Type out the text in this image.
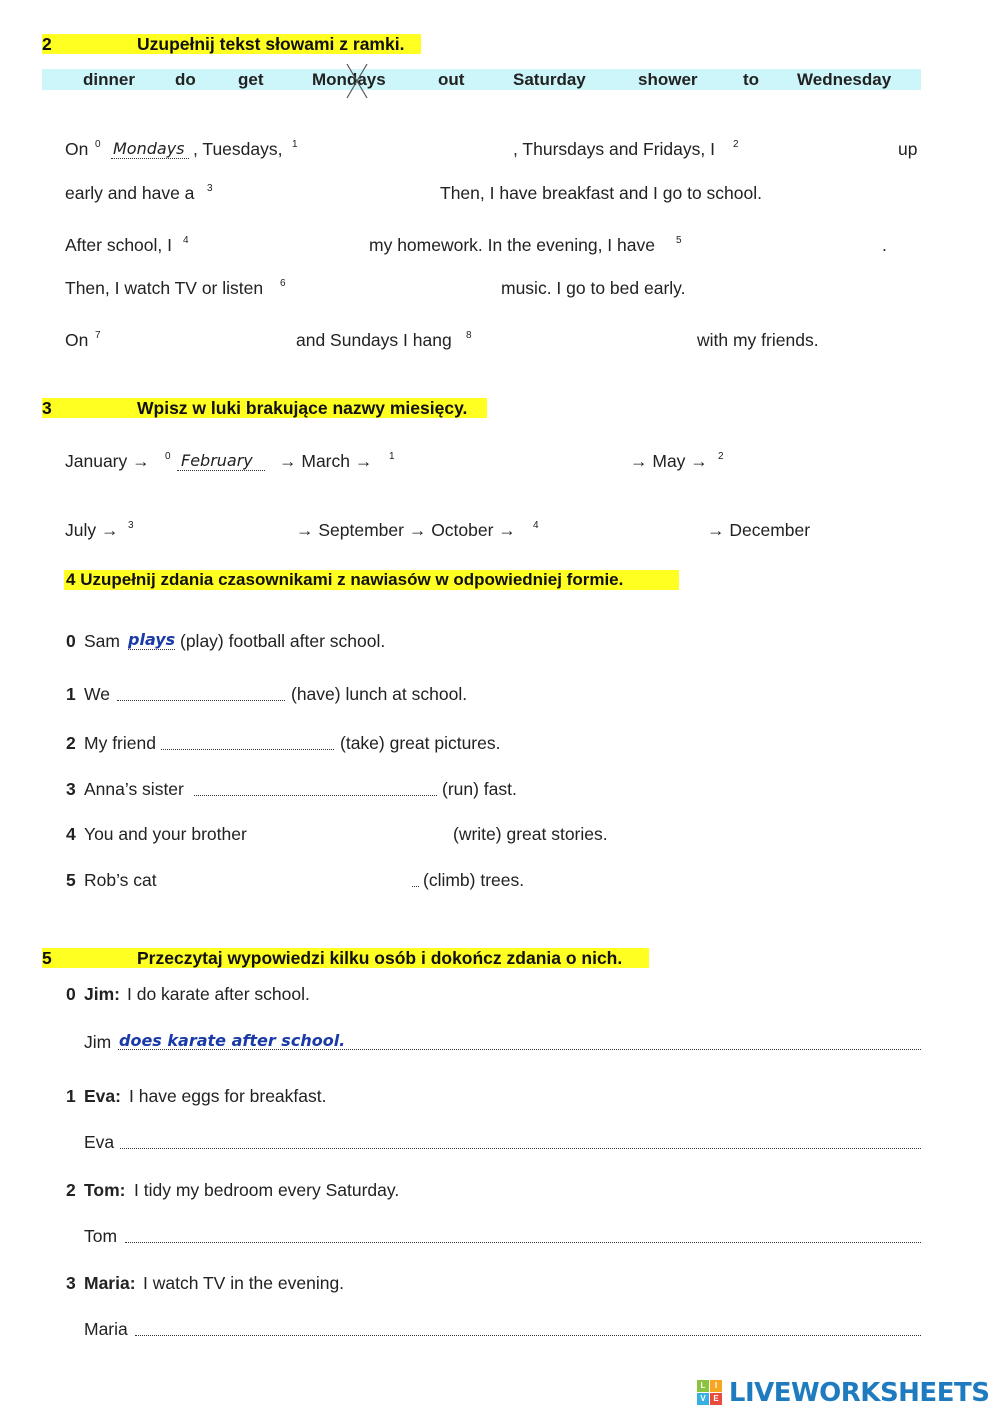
2	Uzupełnij tekst słowami z ramki.
dinner do get	Mondays	out	Saturday	shower	to Wednesday
On 0 Mondays , Tuesdays, 1	, Thursdays and Fridays, I 2	up
early and have a 3	Then, I have breakfast and I go to school.
After school, I 4	my homework. In the evening, I have 5	.
Then, I watch TV or listen 6	music. I go to bed early.
On 7	and Sundays I hang 8	with my friends.
3	Wpisz w luki brakujące nazwy miesięcy.
January → 0 February	→ March → 1	→ May → 2
July → 3	→ September → October → 4	→ December
4 Uzupełnij zdania czasownikami z nawiasów w odpowiedniej formie.
0 Sam plays (play) football after school.
1 We	(have) lunch at school.
2 My friend	(take) great pictures.
3 Anna’s sister	(run) fast.
4 You and your brother	(write) great stories.
5 Rob’s cat	(climb) trees.
5	Przeczytaj wypowiedzi kilku osób i dokończ zdania o nich.
0 Jim: I do karate after school.
Jim does karate after school.
1 Eva: I have eggs for breakfast.
Eva
2 Tom: I tidy my bedroom every Saturday.
Tom
3 Maria: I watch TV in the evening.
Maria
L	I
V E LIVEWORKSHEETS
